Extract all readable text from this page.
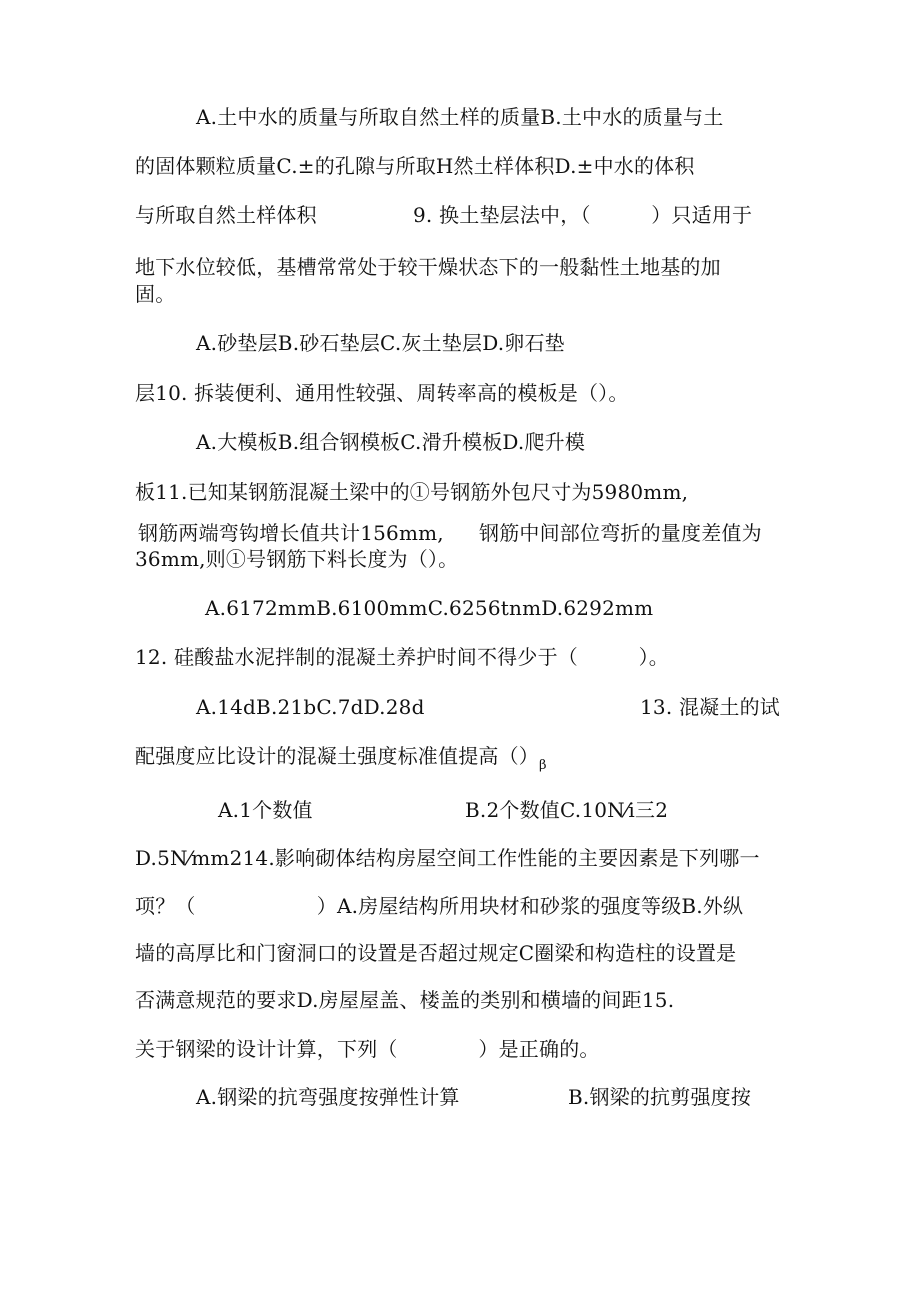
A.土中水的质量与所取自然土样的质量B.土中水的质量与土
的固体颗粒质量C.±的孔隙与所取H然土样体积D.±中水的体积
与所取自然土样体积	9. 换土垫层法中，（　　　）只适用于
地下水位较低，基槽常常处于较干燥状态下的一般黏性土地基的加
固。
A.砂垫层B.砂石垫层C.灰土垫层D.卵石垫
层10. 拆装便利、通用性较强、周转率高的模板是（）。
A.大模板B.组合钢模板C.滑升模板D.爬升模
板11.已知某钢筋混凝土梁中的①号钢筋外包尺寸为5980mm,
钢筋两端弯钩增长值共计156mm, 钢筋中间部位弯折的量度差值为
36mm,则①号钢筋下料长度为（）。
A.6172mmB.6100mmC.6256tnmD.6292mm
12. 硅酸盐水泥拌制的混凝土养护时间不得少于（　　　）。
A.14dB.21bC.7dD.28d	13. 混凝土的试
配强度应比设计的混凝土强度标准值提高$()_\beta$
A.1个数值	B.2个数值C.10N⁄i三2
D.5N⁄mm214.影响砌体结构房屋空间工作性能的主要因素是下列哪一
项？（　　　　　　）A.房屋结构所用块材和砂浆的强度等级B.外纵
墙的高厚比和门窗洞口的设置是否超过规定C圈梁和构造柱的设置是
否满意规范的要求D.房屋屋盖、楼盖的类别和横墙的间距15.
关于钢梁的设计计算，下列（　　　　）是正确的。
A.钢梁的抗弯强度按弹性计算	B.钢梁的抗剪强度按
